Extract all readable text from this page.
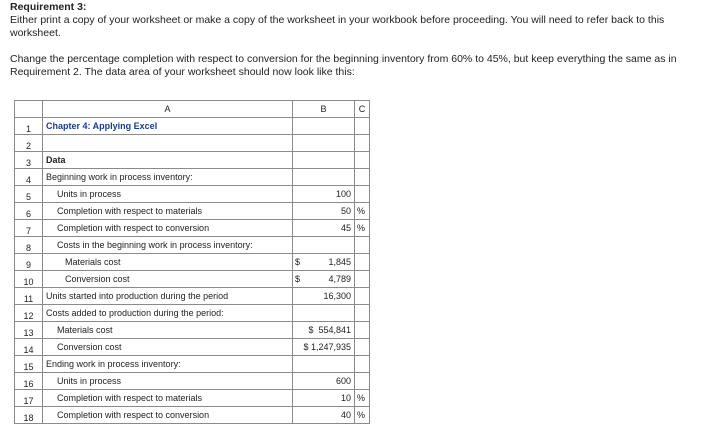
Requirement 3:

Either print a copy of your worksheet or make a copy of the worksheet in your workbook before proceeding. You will need to refer back to this worksheet.

Change the percentage completion with respect to conversion for the beginning inventory from 60% to 45%, but keep everything the same as in Requirement 2. The data area of your worksheet should now look like this:

	A	B	C
1	Chapter 4: Applying Excel		
2			
3	Data		
4	Beginning work in process inventory:		
5	Units in process	100	
6	Completion with respect to materials	50	%
7	Completion with respect to conversion	45	%
8	Costs in the beginning work in process inventory:		
9	Materials cost	$ 1,845	

10	Conversion cost	$ 4,789	

11	Units started into production during the period	16,300	
12	Costs added to production during the period:		
13	Materials cost	$  554,841	
14	Conversion cost	$ 1,247,935	
15	Ending work in process inventory:		
16	Units in process	600	
17	Completion with respect to materials	10	%
18	Completion with respect to conversion	40	%
